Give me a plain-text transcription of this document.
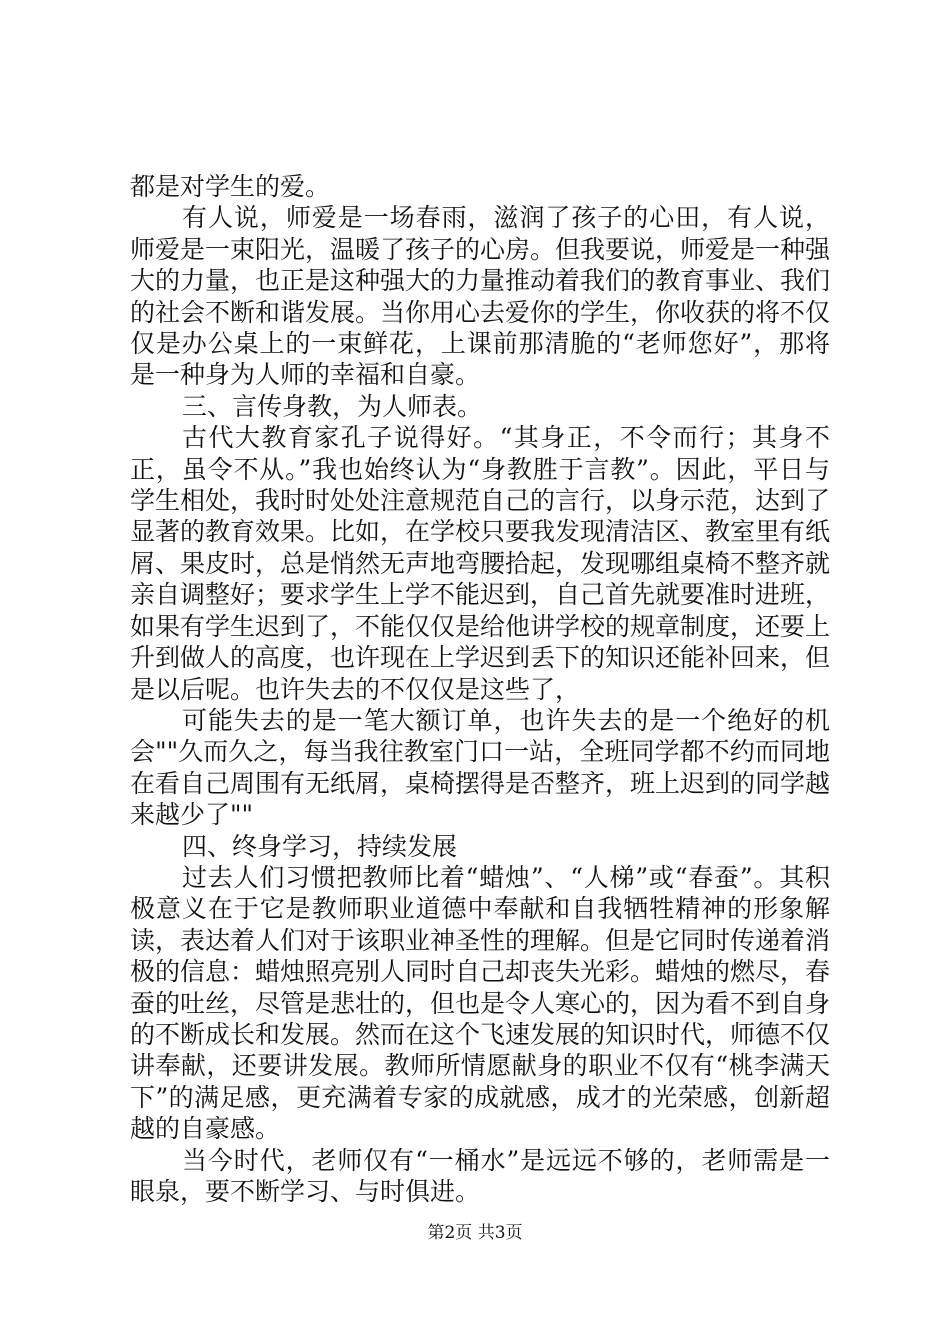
都是对学生的爱。

有人说，师爱是一场春雨，滋润了孩子的心田，有人说，师爱是一束阳光，温暖了孩子的心房。但我要说，师爱是一种强大的力量，也正是这种强大的力量推动着我们的教育事业、我们的社会不断和谐发展。当你用心去爱你的学生，你收获的将不仅仅是办公桌上的一束鲜花，上课前那清脆的“老师您好”，那将是一种身为人师的幸福和自豪。

三、言传身教，为人师表。

古代大教育家孔子说得好。“其身正，不令而行；其身不正，虽令不从。”我也始终认为“身教胜于言教”。因此，平日与学生相处，我时时处处注意规范自己的言行，以身示范，达到了显著的教育效果。比如，在学校只要我发现清洁区、教室里有纸屑、果皮时，总是悄然无声地弯腰拾起，发现哪组桌椅不整齐就亲自调整好；要求学生上学不能迟到，自己首先就要准时进班，如果有学生迟到了，不能仅仅是给他讲学校的规章制度，还要上升到做人的高度，也许现在上学迟到丢下的知识还能补回来，但是以后呢。也许失去的不仅仅是这些了，

可能失去的是一笔大额订单，也许失去的是一个绝好的机会""久而久之，每当我往教室门口一站，全班同学都不约而同地在看自己周围有无纸屑，桌椅摆得是否整齐，班上迟到的同学越来越少了""

四、终身学习，持续发展

过去人们习惯把教师比着“蜡烛”、“人梯”或“春蚕”。其积极意义在于它是教师职业道德中奉献和自我牺牲精神的形象解读，表达着人们对于该职业神圣性的理解。但是它同时传递着消极的信息：蜡烛照亮别人同时自己却丧失光彩。蜡烛的燃尽，春蚕的吐丝，尽管是悲壮的，但也是令人寒心的，因为看不到自身的不断成长和发展。然而在这个飞速发展的知识时代，师德不仅讲奉献，还要讲发展。教师所情愿献身的职业不仅有“桃李满天下”的满足感，更充满着专家的成就感，成才的光荣感，创新超越的自豪感。

当今时代，老师仅有“一桶水”是远远不够的，老师需是一眼泉，要不断学习、与时俱进。

第2页 共3页
